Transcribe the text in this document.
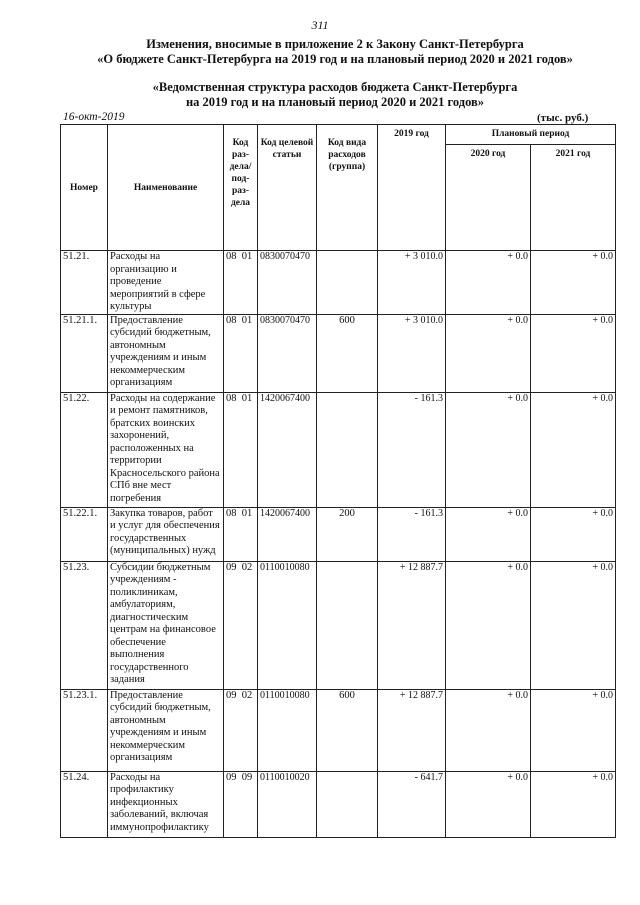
311
Изменения, вносимые в приложение 2 к Закону Санкт-Петербурга
«О бюджете Санкт-Петербурга на 2019 год и на плановый период 2020 и 2021 годов»
«Ведомственная структура расходов бюджета Санкт-Петербурга
на 2019 год и на плановый период 2020 и 2021 годов»
16-окт-2019	(тыс. руб.)
Номер	Наименование	Код раз-дела/ под-раз-дела	Код целевой статьи	Код вида расходов (группа)	2019 год	Плановый период	
						2020 год	2021 год
51.21.	Расходы на организацию и проведение мероприятий в сфере культуры	08 01	0830070470		+ 3 010.0	+ 0.0	+ 0.0
51.21.1.	Предоставление субсидий бюджетным, автономным учреждениям и иным некоммерческим организациям	08 01	0830070470	600	+ 3 010.0	+ 0.0	+ 0.0
51.22.	Расходы на содержание и ремонт памятников, братских воинских захоронений, расположенных на территории Красносельского района СПб вне мест погребения	08 01	1420067400		- 161.3	+ 0.0	+ 0.0
51.22.1.	Закупка товаров, работ и услуг для обеспечения государственных (муниципальных) нужд	08 01	1420067400	200	- 161.3	+ 0.0	+ 0.0
51.23.	Субсидии бюджетным учреждениям - поликлиникам, амбулаториям, диагностическим центрам на финансовое обеспечение выполнения государственного задания	09 02	0110010080		+ 12 887.7	+ 0.0	+ 0.0
51.23.1.	Предоставление субсидий бюджетным, автономным учреждениям и иным некоммерческим организациям	09 02	0110010080	600	+ 12 887.7	+ 0.0	+ 0.0
51.24.	Расходы на профилактику инфекционных заболеваний, включая иммунопрофилактику	09 09	0110010020		- 641.7	+ 0.0	+ 0.0
